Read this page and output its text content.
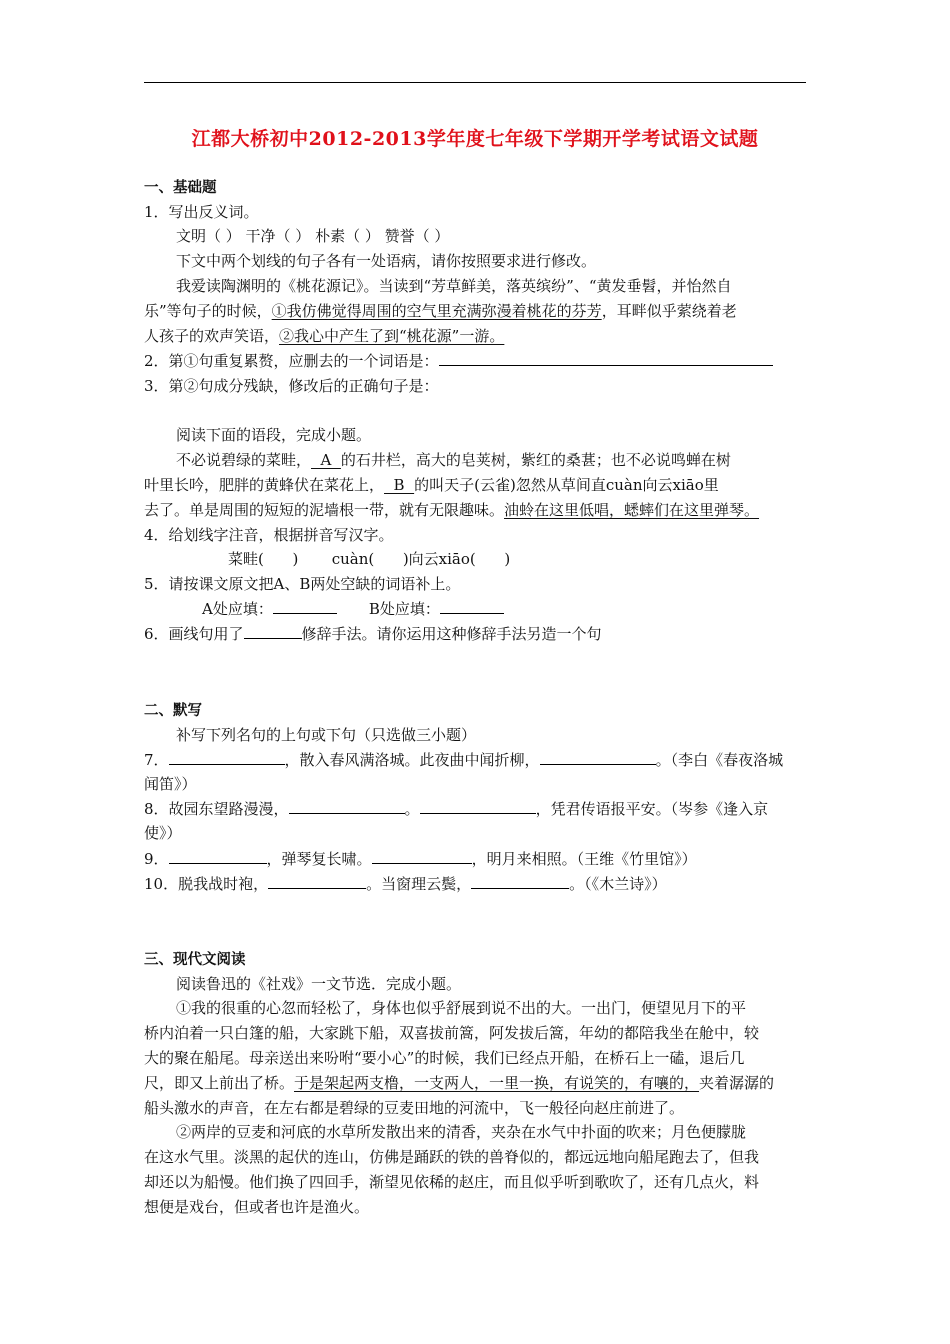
江都大桥初中2012-2013学年度七年级下学期开学考试语文试题
一、基础题
1．写出反义词。
文明（ ） 干净（ ） 朴素（ ） 赞誉（ ）
下文中两个划线的句子各有一处语病，请你按照要求进行修改。
我爱读陶渊明的《桃花源记》。当读到“芳草鲜美，落英缤纷”、“黄发垂髫，并怡然自
乐”等句子的时候，①我仿佛觉得周围的空气里充满弥漫着桃花的芬芳，耳畔似乎萦绕着老
人孩子的欢声笑语，②我心中产生了到“桃花源”一游。
2．第①句重复累赘，应删去的一个词语是：
3．第②句成分残缺，修改后的正确句子是：
阅读下面的语段，完成小题。
不必说碧绿的菜畦，  A  的石井栏，高大的皂荚树，紫红的桑葚；也不必说鸣蝉在树
叶里长吟，肥胖的黄蜂伏在菜花上，  B  的叫天子(云雀)忽然从草间直cuàn向云xiāo里
去了。单是周围的短短的泥墙根一带，就有无限趣味。油蛉在这里低唱，蟋蟀们在这里弹琴。
4．给划线字注音，根据拼音写汉字。
菜畦(      )       cuàn(      )向云xiāo(      )
5．请按课文原文把A、B两处空缺的词语补上。
A处应填：	B处应填：
6．画线句用了	修辞手法。请你运用这种修辞手法另造一个句
二、默写
补写下列名句的上句或下句（只选做三小题）
7．	，散入春风满洛城。此夜曲中闻折柳，	。（李白《春夜洛城
闻笛》）
8．故园东望路漫漫，	。	，凭君传语报平安。（岑参《逢入京
使》）
9．	，弹琴复长啸。	，明月来相照。（王维《竹里馆》）
10．脱我战时袍，	。当窗理云鬓，	。（《木兰诗》）
三、现代文阅读
阅读鲁迅的《社戏》一文节选．完成小题。
①我的很重的心忽而轻松了，身体也似乎舒展到说不出的大。一出门，便望见月下的平
桥内泊着一只白篷的船，大家跳下船，双喜拔前篙，阿发拔后篙，年幼的都陪我坐在舱中，较
大的聚在船尾。母亲送出来吩咐“要小心”的时候，我们已经点开船，在桥石上一磕，退后几
尺，即又上前出了桥。于是架起两支橹，一支两人，一里一换，有说笑的，有嚷的，夹着潺潺的
船头激水的声音，在左右都是碧绿的豆麦田地的河流中，飞一般径向赵庄前进了。
②两岸的豆麦和河底的水草所发散出来的清香，夹杂在水气中扑面的吹来；月色便朦胧
在这水气里。淡黑的起伏的连山，仿佛是踊跃的铁的兽脊似的，都远远地向船尾跑去了，但我
却还以为船慢。他们换了四回手，渐望见依稀的赵庄，而且似乎听到歌吹了，还有几点火，料
想便是戏台，但或者也许是渔火。
